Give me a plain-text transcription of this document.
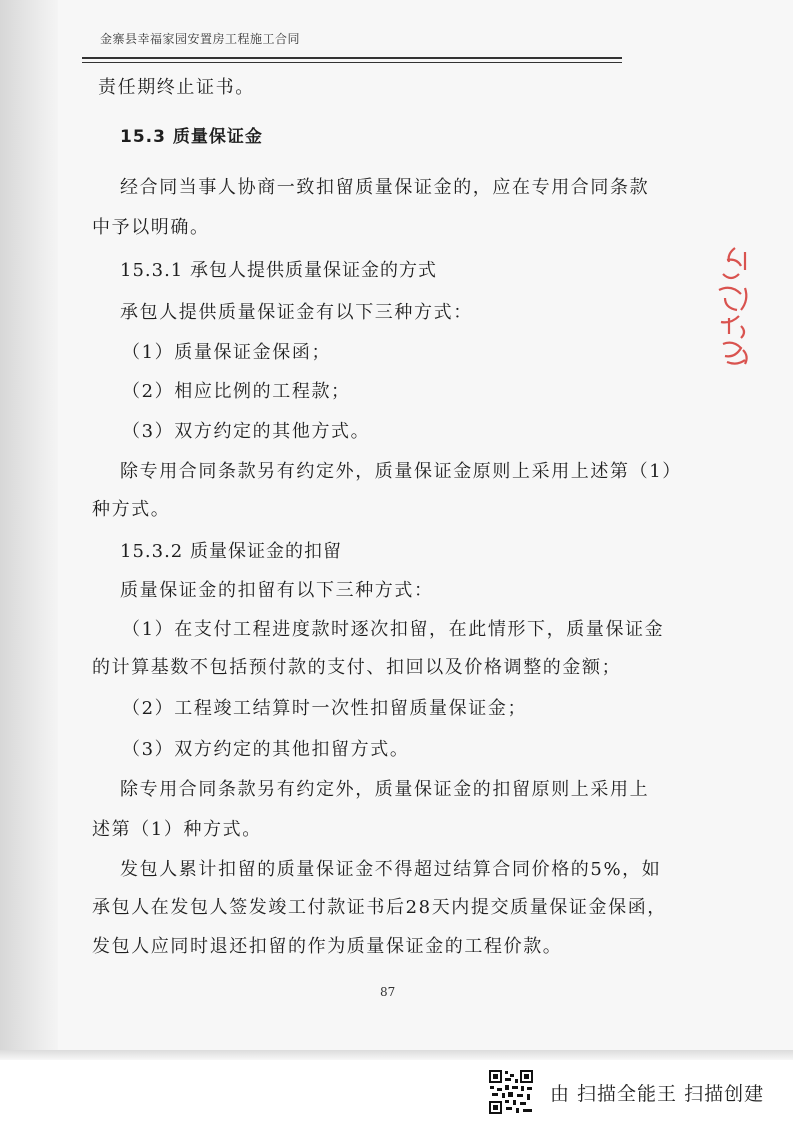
金寨县幸福家园安置房工程施工合同
责任期终止证书。
15.3 质量保证金
经合同当事人协商一致扣留质量保证金的，应在专用合同条款
中予以明确。
15.3.1 承包人提供质量保证金的方式
承包人提供质量保证金有以下三种方式：
（1）质量保证金保函；
（2）相应比例的工程款；
（3）双方约定的其他方式。
除专用合同条款另有约定外，质量保证金原则上采用上述第（1）
种方式。
15.3.2 质量保证金的扣留
质量保证金的扣留有以下三种方式：
（1）在支付工程进度款时逐次扣留，在此情形下，质量保证金
的计算基数不包括预付款的支付、扣回以及价格调整的金额；
（2）工程竣工结算时一次性扣留质量保证金；
（3）双方约定的其他扣留方式。
除专用合同条款另有约定外，质量保证金的扣留原则上采用上
述第（1）种方式。
发包人累计扣留的质量保证金不得超过结算合同价格的5%，如
承包人在发包人签发竣工付款证书后28天内提交质量保证金保函，
发包人应同时退还扣留的作为质量保证金的工程价款。
87
由 扫描全能王 扫描创建
